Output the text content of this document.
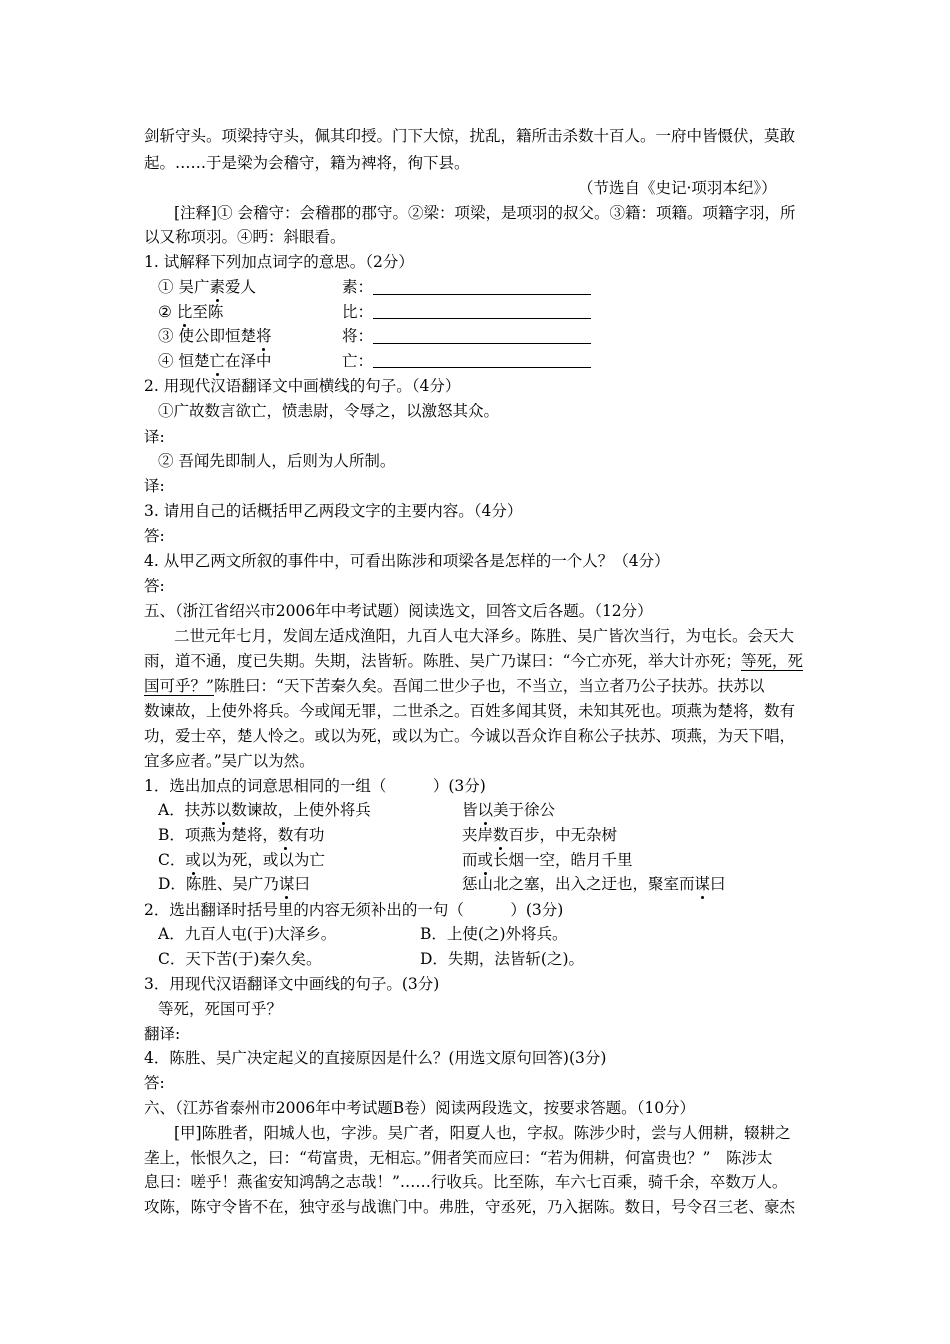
剑斩守头。项梁持守头，佩其印授。门下大惊，扰乱，籍所击杀数十百人。一府中皆慑伏，莫敢
起。……于是梁为会稽守，籍为裨将，徇下县。
（节选自《史记·项羽本纪》）
[注释]① 会稽守：会稽郡的郡守。②梁：项梁，是项羽的叔父。③籍：项籍。项籍字羽，所
以又称项羽。④眄：斜眼看。
1. 试解释下列加点词字的意思。（2分）
① 吴广素爱人	素：
② 比至陈	比：
③ 使公即恒楚将	将：
④ 恒楚亡在泽中	亡：
2. 用现代汉语翻译文中画横线的句子。（4分）
①广故数言欲亡，愤恚尉，令辱之，以激怒其众。
译:
② 吾闻先即制人，后则为人所制。
译:
3. 请用自己的话概括甲乙两段文字的主要内容。（4分）
答:
4. 从甲乙两文所叙的事件中，可看出陈涉和项梁各是怎样的一个人？（4分）
答:
五、（浙江省绍兴市2006年中考试题）阅读选文，回答文后各题。（12分）
二世元年七月，发闾左适戍渔阳，九百人屯大泽乡。陈胜、吴广皆次当行，为屯长。会天大
雨，道不通，度已失期。失期，法皆斩。陈胜、吴广乃谋曰：“今亡亦死，举大计亦死；等死，死
国可乎？”陈胜曰：“天下苦秦久矣。吾闻二世少子也，不当立，当立者乃公子扶苏。扶苏以
数谏故，上使外将兵。今或闻无罪，二世杀之。百姓多闻其贤，未知其死也。项燕为楚将，数有
功，爱士卒，楚人怜之。或以为死，或以为亡。今诚以吾众诈自称公子扶苏、项燕，为天下唱，
宜多应者。”吴广以为然。
1．选出加点的词意思相同的一组（　　　）(3分)
A．扶苏以数谏故，上使外将兵	皆以美于徐公
B．项燕为楚将，数有功	夹岸数百步，中无杂树
C．或以为死，或以为亡	而或长烟一空，皓月千里
D．陈胜、吴广乃谋曰	惩山北之塞，出入之迂也，聚室而谋曰
2．选出翻译时括号里的内容无须补出的一句（　　　）(3分)
A．九百人屯(于)大泽乡。	B．上使(之)外将兵。
C．天下苦(于)秦久矣。	D．失期，法皆斩(之)。
3．用现代汉语翻译文中画线的句子。(3分)
等死，死国可乎？
翻译:
4．陈胜、吴广决定起义的直接原因是什么？(用选文原句回答)(3分)
答:
六、（江苏省泰州市2006年中考试题B卷）阅读两段选文，按要求答题。（10分）
[甲]陈胜者，阳城人也，字涉。吴广者，阳夏人也，字叔。陈涉少时，尝与人佣耕，辍耕之
垄上，怅恨久之，曰：“苟富贵，无相忘。”佣者笑而应曰：“若为佣耕，何富贵也？”　陈涉太
息曰：嗟乎！燕雀安知鸿鹄之志哉！”……行收兵。比至陈，车六七百乘，骑千余，卒数万人。
攻陈，陈守令皆不在，独守丞与战谯门中。弗胜，守丞死，乃入据陈。数日，号令召三老、豪杰
